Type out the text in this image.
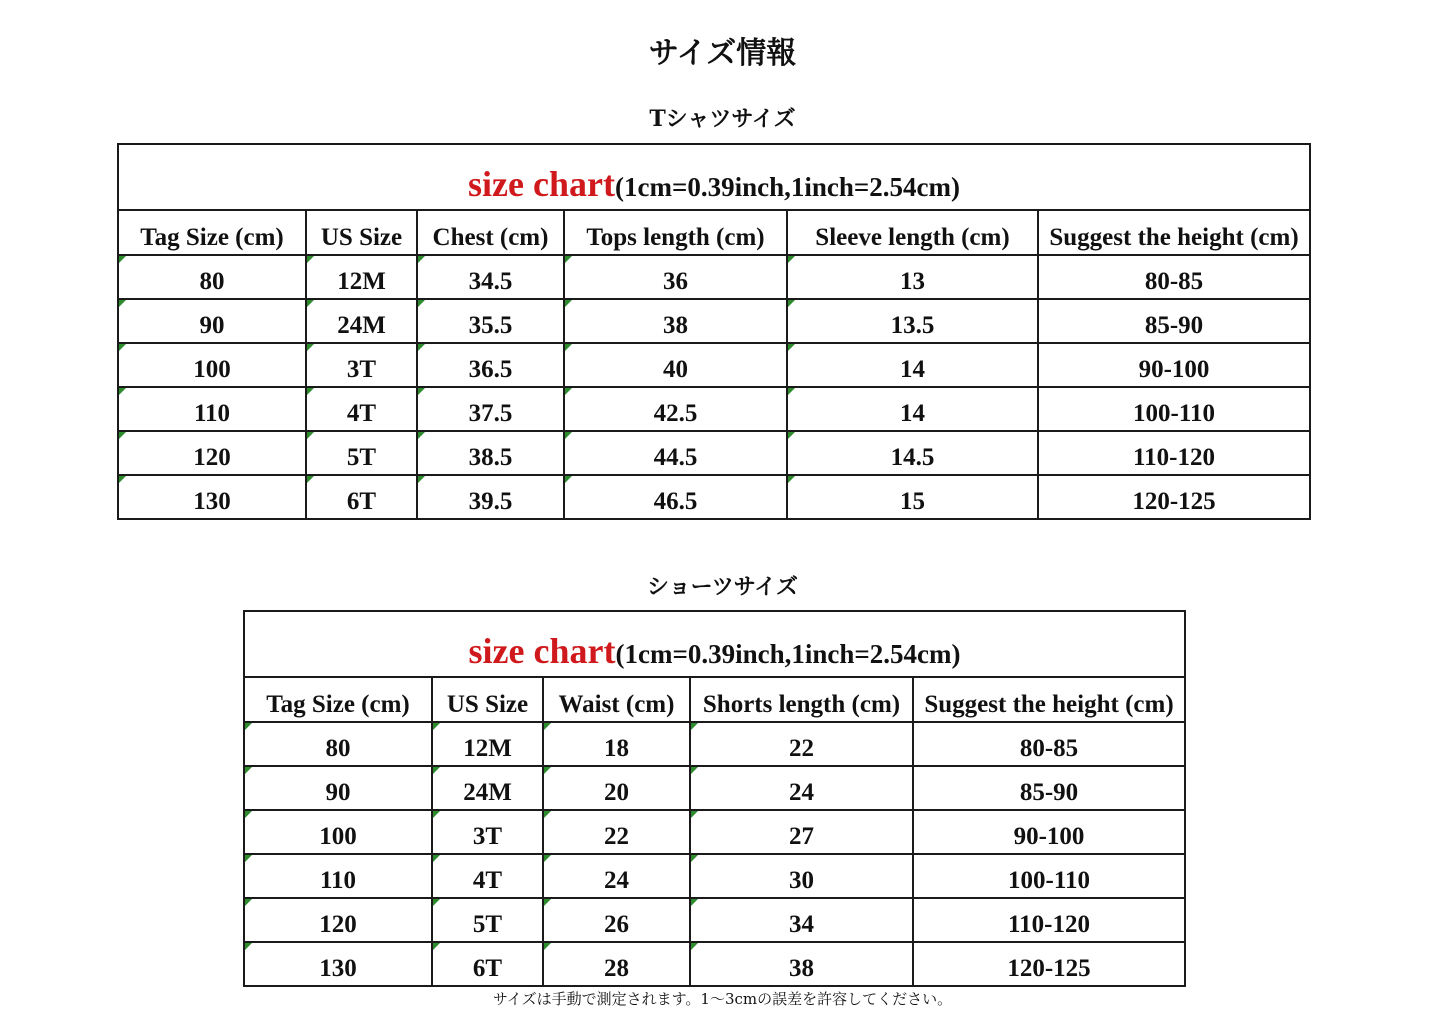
サイズ情報
Tシャツサイズ
size chart(1cm=0.39inch,1inch=2.54cm)					
Tag Size (cm)	US Size	Chest (cm)	Tops length (cm)	Sleeve length (cm)	Suggest the height (cm)
80	12M	34.5	36	13	80-85
90	24M	35.5	38	13.5	85-90
100	3T	36.5	40	14	90-100
110	4T	37.5	42.5	14	100-110
120	5T	38.5	44.5	14.5	110-120
130	6T	39.5	46.5	15	120-125
ショーツサイズ
size chart(1cm=0.39inch,1inch=2.54cm)				
Tag Size (cm)	US Size	Waist (cm)	Shorts length (cm)	Suggest the height (cm)
80	12M	18	22	80-85
90	24M	20	24	85-90
100	3T	22	27	90-100
110	4T	24	30	100-110
120	5T	26	34	110-120
130	6T	28	38	120-125
サイズは手動で測定されます。1〜3cmの誤差を許容してください。
